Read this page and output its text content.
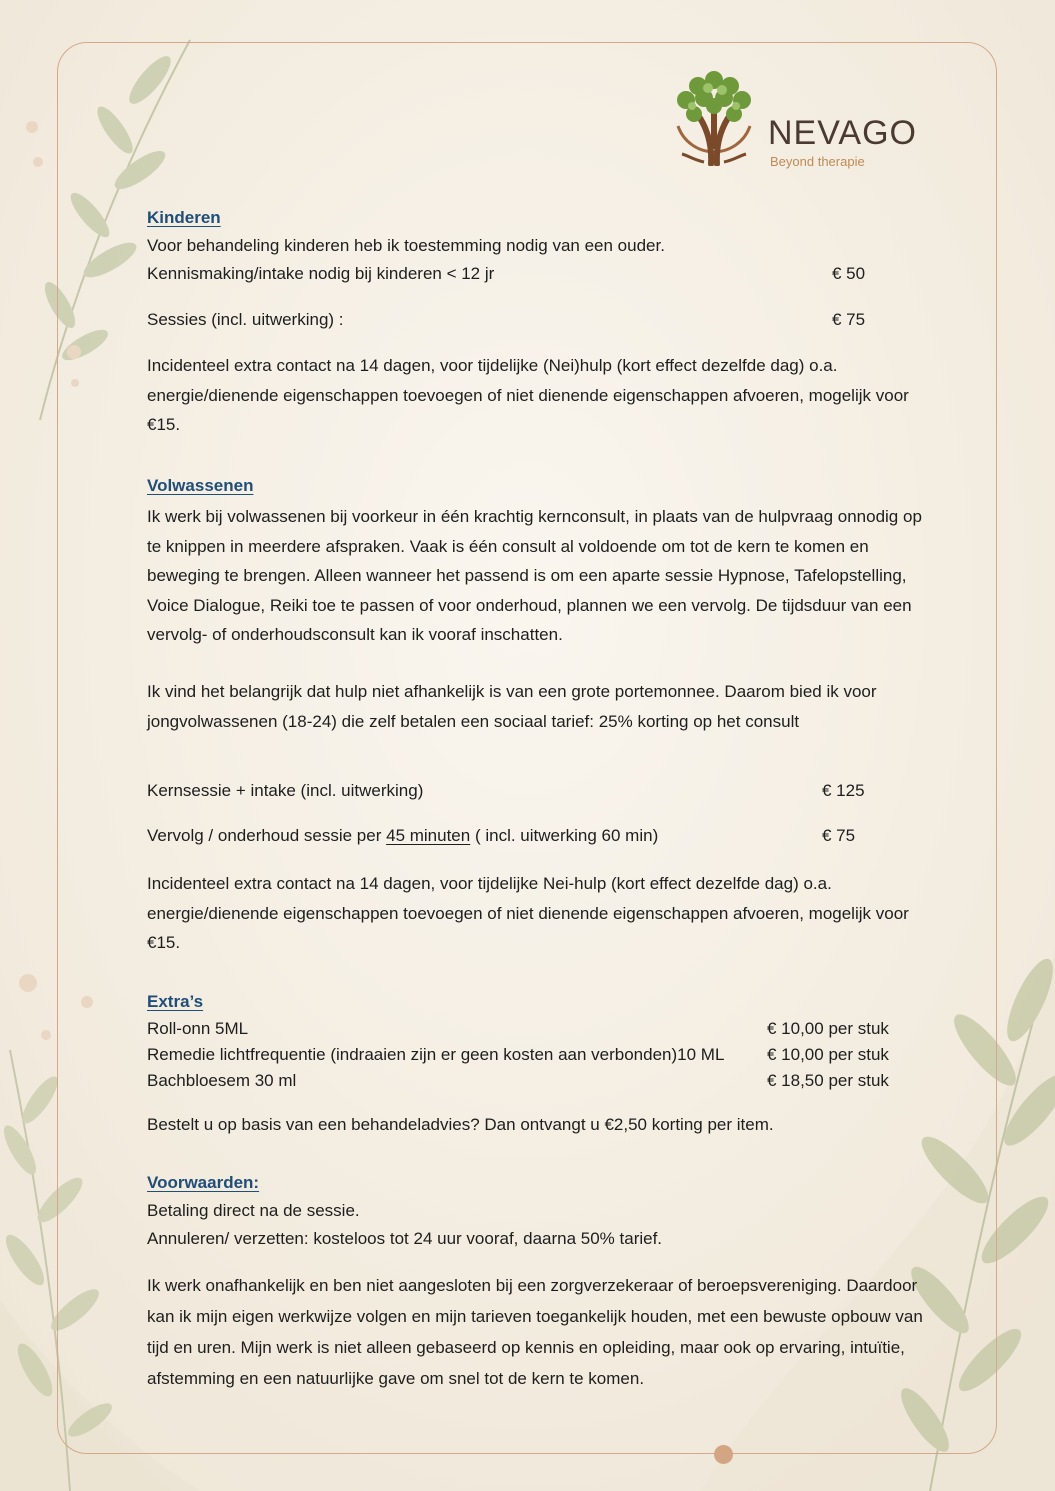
NEVAGO
Beyond therapie
Kinderen
Voor behandeling kinderen heb ik toestemming nodig van een ouder.
Kennismaking/intake nodig bij kinderen < 12 jr	€ 50
Sessies (incl. uitwerking) :	€ 75
Incidenteel extra contact na 14 dagen, voor tijdelijke (Nei)hulp (kort effect dezelfde dag) o.a. energie/dienende eigenschappen toevoegen of niet dienende eigenschappen afvoeren, mogelijk voor €15.
Volwassenen
Ik werk bij volwassenen bij voorkeur in één krachtig kernconsult, in plaats van de hulpvraag onnodig op te knippen in meerdere afspraken. Vaak is één consult al voldoende om tot de kern te komen en beweging te brengen. Alleen wanneer het passend is om een aparte sessie Hypnose, Tafelopstelling, Voice Dialogue, Reiki toe te passen of voor onderhoud, plannen we een vervolg. De tijdsduur van een vervolg- of onderhoudsconsult kan ik vooraf inschatten.
Ik vind het belangrijk dat hulp niet afhankelijk is van een grote portemonnee. Daarom bied ik voor jongvolwassenen (18-24) die zelf betalen een sociaal tarief: 25% korting op het consult
Kernsessie + intake (incl. uitwerking)	€ 125
Vervolg / onderhoud sessie per 45 minuten ( incl. uitwerking 60 min)	€ 75
Incidenteel extra contact na 14 dagen, voor tijdelijke Nei-hulp (kort effect dezelfde dag) o.a. energie/dienende eigenschappen toevoegen of niet dienende eigenschappen afvoeren, mogelijk voor €15.
Extra’s
Roll-onn 5ML	€ 10,00 per stuk
Remedie lichtfrequentie (indraaien zijn er geen kosten aan verbonden)10 ML	€ 10,00 per stuk
Bachbloesem 30 ml	€ 18,50 per stuk
Bestelt u op basis van een behandeladvies? Dan ontvangt u €2,50 korting per item.
Voorwaarden:
Betaling direct na de sessie.
Annuleren/ verzetten: kosteloos tot 24 uur vooraf, daarna 50% tarief.
Ik werk onafhankelijk en ben niet aangesloten bij een zorgverzekeraar of beroepsvereniging. Daardoor kan ik mijn eigen werkwijze volgen en mijn tarieven toegankelijk houden, met een bewuste opbouw van tijd en uren. Mijn werk is niet alleen gebaseerd op kennis en opleiding, maar ook op ervaring, intuïtie, afstemming en een natuurlijke gave om snel tot de kern te komen.
